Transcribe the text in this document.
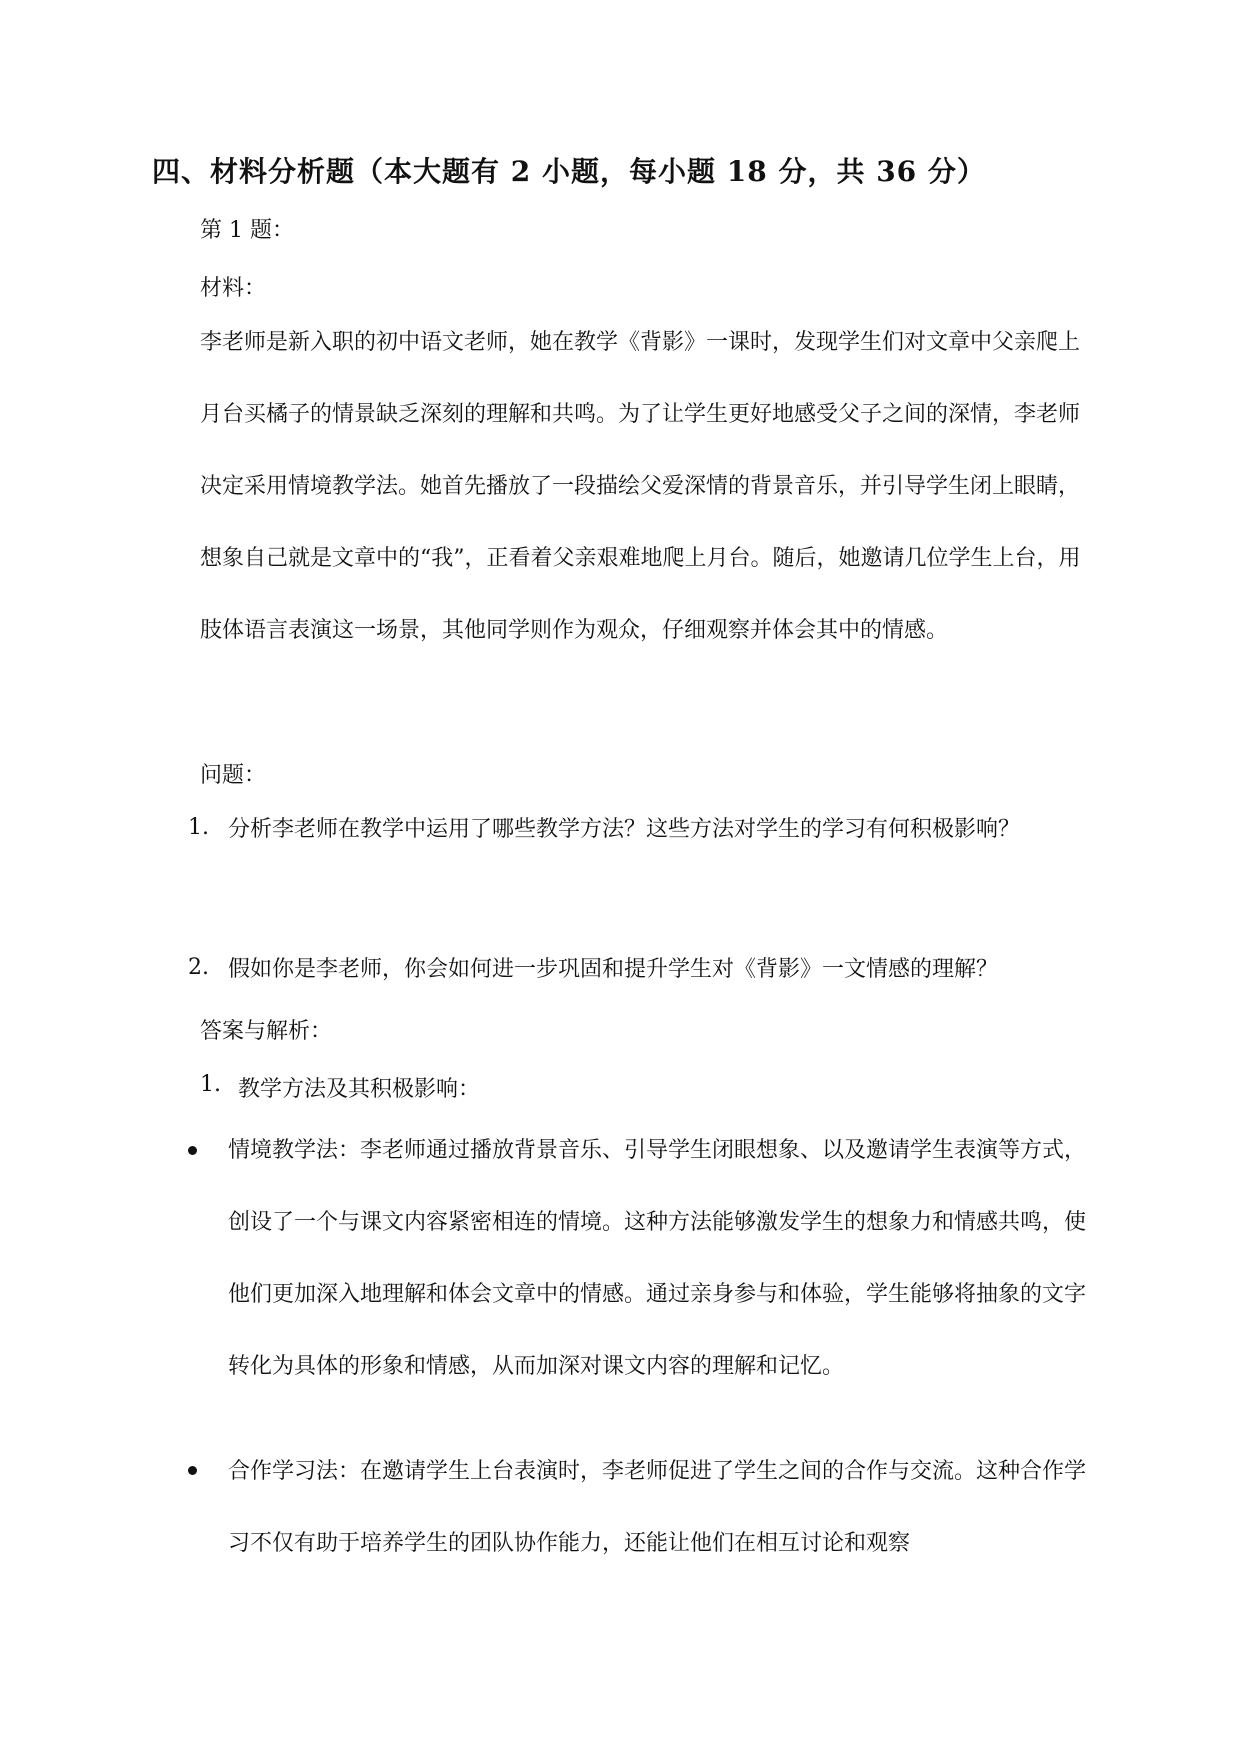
四、材料分析题（本大题有 2 小题，每小题 18 分，共 36 分）
第 1 题：
材料：
李老师是新入职的初中语文老师，她在教学《背影》一课时，发现学生们对文章中父亲爬上月台买橘子的情景缺乏深刻的理解和共鸣。为了让学生更好地感受父子之间的深情，李老师决定采用情境教学法。她首先播放了一段描绘父爱深情的背景音乐，并引导学生闭上眼睛，想象自己就是文章中的“我”，正看着父亲艰难地爬上月台。随后，她邀请几位学生上台，用肢体语言表演这一场景，其他同学则作为观众，仔细观察并体会其中的情感。
问题：
1. 分析李老师在教学中运用了哪些教学方法？这些方法对学生的学习有何积极影响？
2. 假如你是李老师，你会如何进一步巩固和提升学生对《背影》一文情感的理解？
答案与解析：
1. 教学方法及其积极影响：
情境教学法：李老师通过播放背景音乐、引导学生闭眼想象、以及邀请学生表演等方式，创设了一个与课文内容紧密相连的情境。这种方法能够激发学生的想象力和情感共鸣，使他们更加深入地理解和体会文章中的情感。通过亲身参与和体验，学生能够将抽象的文字转化为具体的形象和情感，从而加深对课文内容的理解和记忆。
合作学习法：在邀请学生上台表演时，李老师促进了学生之间的合作与交流。这种合作学习不仅有助于培养学生的团队协作能力，还能让他们在相互讨论和观察
